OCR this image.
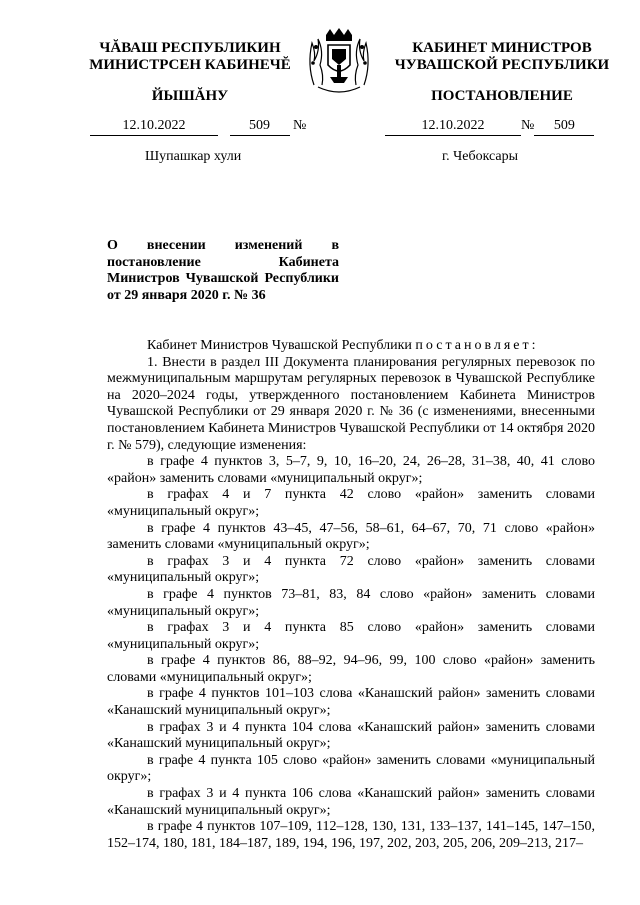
ЧĂВАШ РЕСПУБЛИКИН
МИНИСТРСЕН КАБИНЕЧĔ
ЙЫШĂНУ
КАБИНЕТ МИНИСТРОВ
ЧУВАШСКОЙ РЕСПУБЛИКИ
ПОСТАНОВЛЕНИЕ
12.10.2022	509 №	12.10.2022	№ 509
Шупашкар хули	г. Чебоксары
О внесении изменений в постановление Кабинета Министров Чувашской Республики от 29 января 2020 г. № 36

Кабинет Министров Чувашской Республики постановляет:

1. Внести в раздел III Документа планирования регулярных перевозок по межмуниципальным маршрутам регулярных перевозок в Чувашской Республике на 2020–2024 годы, утвержденного постановлением Кабинета Министров Чувашской Республики от 29 января 2020 г. № 36 (с изменениями, внесенными постановлением Кабинета Министров Чувашской Республики от 14 октября 2020 г. № 579), следующие изменения:

в графе 4 пунктов 3, 5–7, 9, 10, 16–20, 24, 26–28, 31–38, 40, 41 слово «район» заменить словами «муниципальный округ»;

в графах 4 и 7 пункта 42 слово «район» заменить словами «муниципальный округ»;

в графе 4 пунктов 43–45, 47–56, 58–61, 64–67, 70, 71 слово «район» заменить словами «муниципальный округ»;

в графах 3 и 4 пункта 72 слово «район» заменить словами «муниципальный округ»;

в графе 4 пунктов 73–81, 83, 84 слово «район» заменить словами «муниципальный округ»;

в графах 3 и 4 пункта 85 слово «район» заменить словами «муниципальный округ»;

в графе 4 пунктов 86, 88–92, 94–96, 99, 100 слово «район» заменить словами «муниципальный округ»;

в графе 4 пунктов 101–103 слова «Канашский район» заменить словами «Канашский муниципальный округ»;

в графах 3 и 4 пункта 104 слова «Канашский район» заменить словами «Канашский муниципальный округ»;

в графе 4 пункта 105 слово «район» заменить словами «муниципальный округ»;

в графах 3 и 4 пункта 106 слова «Канашский район» заменить словами «Канашский муниципальный округ»;

в графе 4 пунктов 107–109, 112–128, 130, 131, 133–137, 141–145, 147–150, 152–174, 180, 181, 184–187, 189, 194, 196, 197, 202, 203, 205, 206, 209–213, 217–
